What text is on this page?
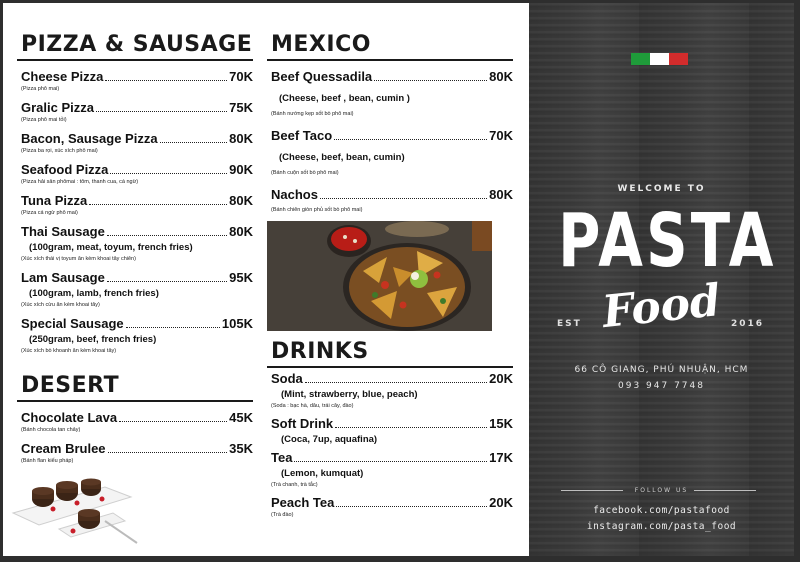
PIZZA & SAUSAGE
Cheese Pizza	70K
(Pizza phô mai)
Gralic Pizza	75K
(Pizza phô mai tỏi)
Bacon, Sausage Pizza	80K
(Pizza ba rọi, xúc xích phô mai)
Seafood Pizza	90K
(Pizza hải sản phômai : tôm, thanh cua, cá ngừ)
Tuna Pizza	80K
(Pizza cá ngừ phô mai)
Thai Sausage	80K
(100gram, meat, toyum, french fries)
(Xúc xích thái vị toyum ăn kèm khoai tây chiên)
Lam Sausage	95K
(100gram, lamb, french fries)
(Xúc xích cừu ăn kèm khoai tây)
Special Sausage	105K
(250gram, beef, french fries)
(Xúc xích bò khoanh ăn kèm khoai tây)
DESERT
Chocolate Lava	45K
(Bánh chocola tan chảy)
Cream Brulee	35K
(Bánh flan kiểu pháp)
MEXICO
Beef Quessadila	80K
(Cheese, beef , bean, cumin )
(Bánh nướng kẹp sốt bò phô mai)
Beef Taco	70K
(Cheese, beef, bean, cumin)
(Bánh cuộn sốt bò phô mai)
Nachos	80K
(Bánh chiên giòn phủ sốt bò phô mai)
DRINKS
Soda	20K
(Mint, strawberry, blue, peach)
(Soda : bạc hà, dâu, trái cây, đào)
Soft Drink	15K
(Coca, 7up, aquafina)
Tea	17K
(Lemon, kumquat)
(Trà chanh, trà tắc)
Peach Tea	20K
(Trà đào)
WELCOME TO
PASTA
EST	2016
Food
66 CÔ GIANG, PHÚ NHUẬN, HCM
093 947 7748
FOLLOW US
facebook.com/pastafood
instagram.com/pasta_food
